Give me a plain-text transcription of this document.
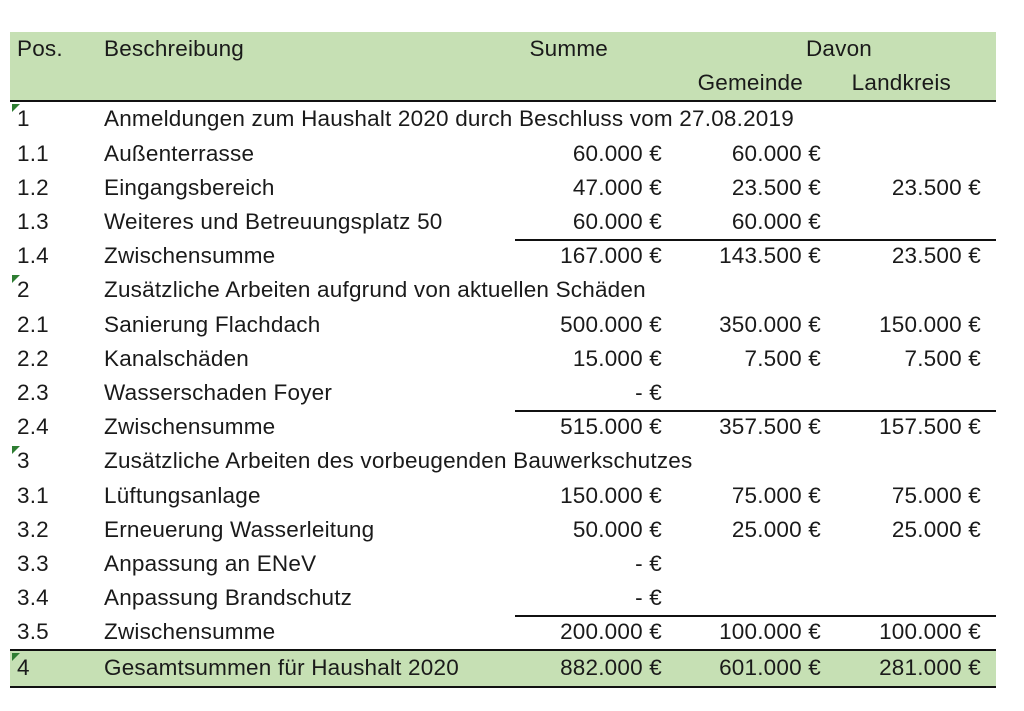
Pos. Beschreibung	Summe	Davon
Gemeinde Landkreis
1	Anmeldungen zum Haushalt 2020 durch Beschluss vom 27.08.2019
1.1 Außenterrasse	60.000 €	60.000 €
1.2 Eingangsbereich	47.000 €	23.500 €	23.500 €
1.3 Weiteres und Betreuungsplatz 50	60.000 €	60.000 €
1.4 Zwischensumme	167.000 €	143.500 €	23.500 €
2	Zusätzliche Arbeiten aufgrund von aktuellen Schäden
2.1 Sanierung Flachdach	500.000 €	350.000 €	150.000 €
2.2 Kanalschäden	15.000 €	7.500 €	7.500 €
2.3 Wasserschaden Foyer	- €
2.4 Zwischensumme	515.000 €	357.500 €	157.500 €
3	Zusätzliche Arbeiten des vorbeugenden Bauwerkschutzes
3.1 Lüftungsanlage	150.000 €	75.000 €	75.000 €
3.2 Erneuerung Wasserleitung	50.000 €	25.000 €	25.000 €
3.3 Anpassung an ENeV	- €
3.4 Anpassung Brandschutz	- €
3.5 Zwischensumme	200.000 €	100.000 €	100.000 €
4	Gesamtsummen für Haushalt 2020	882.000 €	601.000 €	281.000 €
